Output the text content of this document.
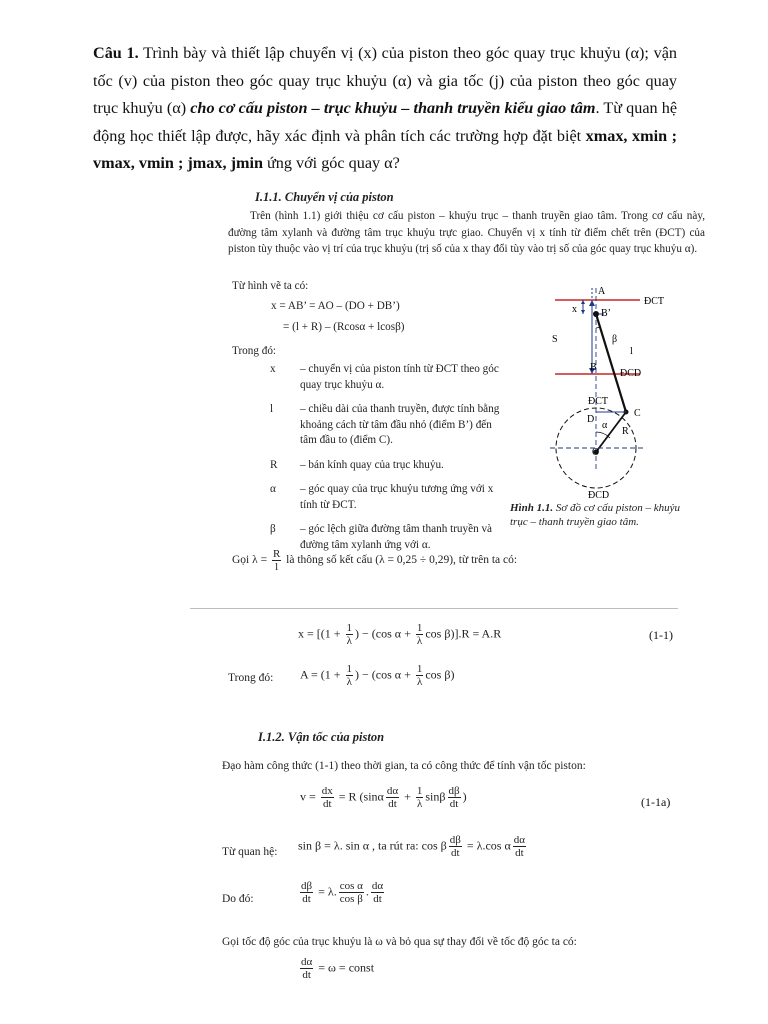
Câu 1. Trình bày và thiết lập chuyển vị (x) của piston theo góc quay trục khuỷu (α); vận tốc (v) của piston theo góc quay trục khuỷu (α) và gia tốc (j) của piston theo góc quay trục khuỷu (α) cho cơ cấu piston – trục khuỷu – thanh truyền kiểu giao tâm. Từ quan hệ động học thiết lập được, hãy xác định và phân tích các trường hợp đặt biệt xmax, xmin ; vmax, vmin ; jmax, jmin ứng với góc quay α?
I.1.1. Chuyển vị của piston
Trên (hình 1.1) giới thiệu cơ cấu piston – khuỷu trục – thanh truyền giao tâm. Trong cơ cấu này, đường tâm xylanh và đường tâm trục khuỷu trực giao. Chuyển vị x tính từ điểm chết trên (ĐCT) của piston tùy thuộc vào vị trí của trục khuỷu (trị số của x thay đổi tùy vào trị số của góc quay trục khuỷu α).
Từ hình vẽ ta có:
x = AB’ = AO – (DO + DB’)
= (l + R) – (Rcosα + lcosβ)
Trong đó:
x	– chuyển vị của piston tính từ ĐCT theo góc quay trục khuỷu α.
l	– chiều dài của thanh truyền, được tính bằng khoảng cách từ tâm đầu nhỏ (điểm B’) đến tâm đầu to (điểm C).
R	– bán kính quay của trục khuỷu.
α	– góc quay của trục khuỷu tương ứng với x tính từ ĐCT.
β	– góc lệch giữa đường tâm thanh truyền và đường tâm xylanh ứng với α.
Gọi $\lambda = \frac{R}{l}$ là thông số kết cấu (λ = 0,25 ÷ 0,29), từ trên ta có:
A
ĐCT
x B’
β
S
l
B
ĐCD
ĐCT
D
C
α
R
O
ĐCD
Hình 1.1. Sơ đồ cơ cấu piston – khuỷu trục – thanh truyền giao tâm.
$x = [(1 + \frac{1}{\lambda}$ ) − (cos $\alpha + \frac{1}{\lambda}$ cos β)].R = A.R	(1-1)
Trong đó: $A = (1 + \frac{1}{\lambda}$ ) − (cos $\alpha + \frac{1}{\lambda}$ cos β)
I.1.2. Vận tốc của piston
Đạo hàm công thức (1-1) theo thời gian, ta có công thức để tính vận tốc piston:
$v = \frac{dx}{dt} = R$ ($\sin\alpha \frac{d\alpha}{dt} + \frac{1}{\lambda}$ sinβ $\frac{d\beta}{dt}$ )	(1-1a)
Từ quan hệ: sin β = λ. sin α , ta rút ra: cos β $\frac{d\beta}{dt} = \lambda.\cos$ α $\frac{d\alpha}{dt}$
Do đó:	$\frac{d\beta}{dt} = \lambda$. $\frac{\text{cos α}}{\text{cos β}}$ . $\frac{d\alpha}{dt}$
Gọi tốc độ góc của trục khuỷu là ω và bỏ qua sự thay đổi về tốc độ góc ta có:
$\frac{d\alpha}{dt} = \omega$ = const
